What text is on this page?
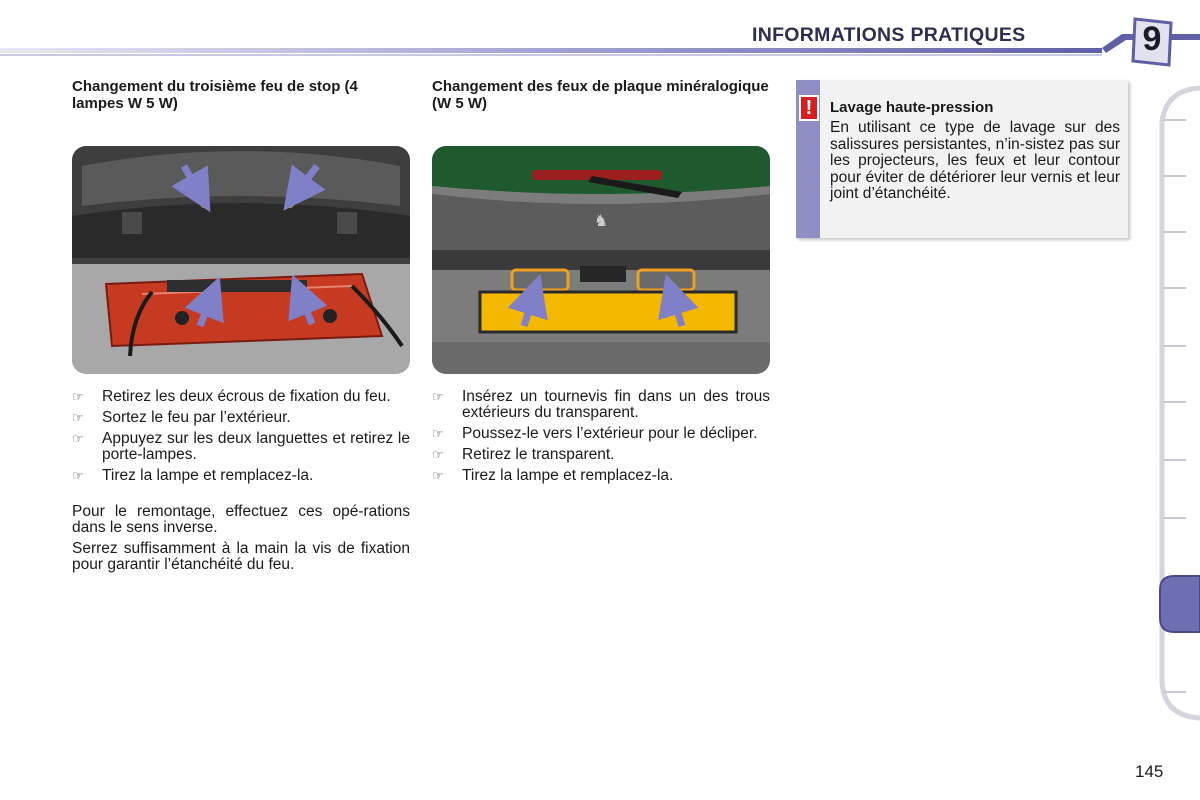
INFORMATIONS PRATIQUES	9
Changement du troisième feu de stop (4 lampes W 5 W)
☞ Retirez les deux écrous de fixation du feu.
☞ Sortez le feu par l’extérieur.
☞ Appuyez sur les deux languettes et retirez le porte-lampes.
☞ Tirez la lampe et remplacez-la.

Pour le remontage, effectuez ces opé-rations dans le sens inverse.

Serrez suffisamment à la main la vis de fixation pour garantir l’étanchéité du feu.

Changement des feux de plaque minéralogique (W 5 W)
♞
☞ Insérez un tournevis fin dans un des trous extérieurs du transparent.
☞ Poussez-le vers l’extérieur pour le décliper.
☞ Retirez le transparent.
☞ Tirez la lampe et remplacez-la.
!	Lavage haute-pression

En utilisant ce type de lavage sur des salissures persistantes, n’in-sistez pas sur les projecteurs, les feux et leur contour pour éviter de détériorer leur vernis et leur joint d’étanchéité.

145
